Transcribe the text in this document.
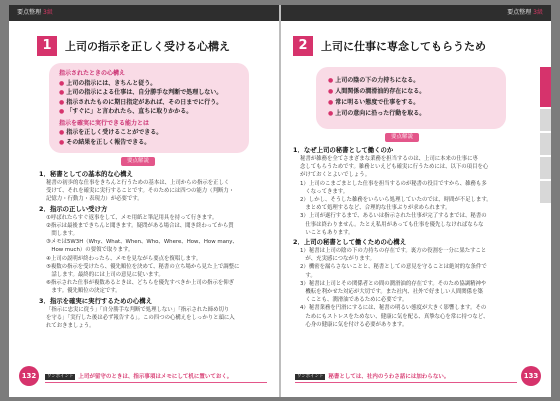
要点整理 3級
1	上司の指示を正しく受ける心構え
指示されたときの心構え
● 上司の指示には、きちんと従う。
● 上司の指示による仕事は、自分勝手な判断で処理しない。
● 指示されたものに期日指定があれば、その日までに行う。
● 「すぐに」と言われたら、直ちに取りかかる。
指示を確実に実行できる能力とは
● 指示を正しく受けることができる。
● その結果を正しく報告できる。
要点解説
1．秘書としての基本的な心構え

秘書の初歩的な仕事をきちんと行うための基本は、上司からの指示を正しく

受けて、それを確実に実行することです。そのためには四つの能力（判断力・

記憶力・行動力・表現力）が必要です。

2．指示の正しい受け方

①呼ばれたらすぐ返事をして、メモ用紙と筆記用具を持って行きます。

②指示は最後まできちんと聞きます。疑問がある場合は、聞き終わってから質

　問します。

③メモは5W3H（Why、What、When、Who、Where、How、How many、

　How much）の要領で取ります。

④上司の説明が終わったら、メモを見ながら要点を復唱します。

⑤複数の指示を受けたら、優先順位を決めて、秘書の立ち場から見た上で調整に

　話します。最終的には上司の意見に従います。

⑥指示された仕事が複数あるときは、どちらを優先すべきか上司の指示を仰ぎ

　ます。優先順位の決定です。

3．指示を確実に実行するための心構え

「指示に忠実に従う」「自分勝手な判断で処理しない」「指示された締め切り

を守る」「実行した後は必ず報告する」。この四つの心構えをしっかりと頭に入

れておきましょう。

ワンポイント 上司が留守のときは、指示事項はメモにして机に置いておく。
132
要点整理 3級
2	上司に仕事に専念してもらうため
● 上司の陰の下の力持ちになる。
● 人間関係の潤滑油的存在になる。
● 常に明るい態度で仕事をする。
● 上司の意向に沿った行動を取る。
要点解説
1．なぜ上司の秘書として働くのか

秘書が雑務を全てさまざまな業務を担当するのは、上司に本来の仕事に専

念してもらうためです。雑務といえども確実に行うためには、以下の項目を心

がけておくとよいでしょう。

1）上司のこまごまとした仕事を担当するのが秘書の役目ですから、雑務も多

　くなってきます。

2）しかし、そうした雑務をいらいら処理していたのでは、時間が不足します。

　まとめて処理するなど、合理的な仕事ぶりが求められます。

3）上司が遂行するまで、あるいは指示された仕事が完了するまでは、秘書の

　仕事は終わりません。たとえ私用があっても仕事を優先しなければならな

　いこともあります。

2．上司の秘書として働くための心構え

1）秘書は上司の陰の下の力持ちの存在です。裏方の役割を一分に果たすこと

　が、充実感につながります。

2）機密を漏らさないことと、秘書としての意見を守ることは絶対的な条件で

　す。

3）秘書は上司とその関係者との間の潤滑油的存在です。そのため協調精神や

　機転を利かせた対応が大切です。また社内、社外で好ましい人間関係を築

　くことも、潤滑油であるために必要です。

4）秘書業務を円滑にするには、秘書の明るい態度が大きく影響します。その

　ためにもストレスをためない、健康に気を配る、真摯な心を常に持つなど、

　心身の健康に気を付ける必要があります。

ワンポイント 秘書としては、社内のうわさ話には加わらない。	133
